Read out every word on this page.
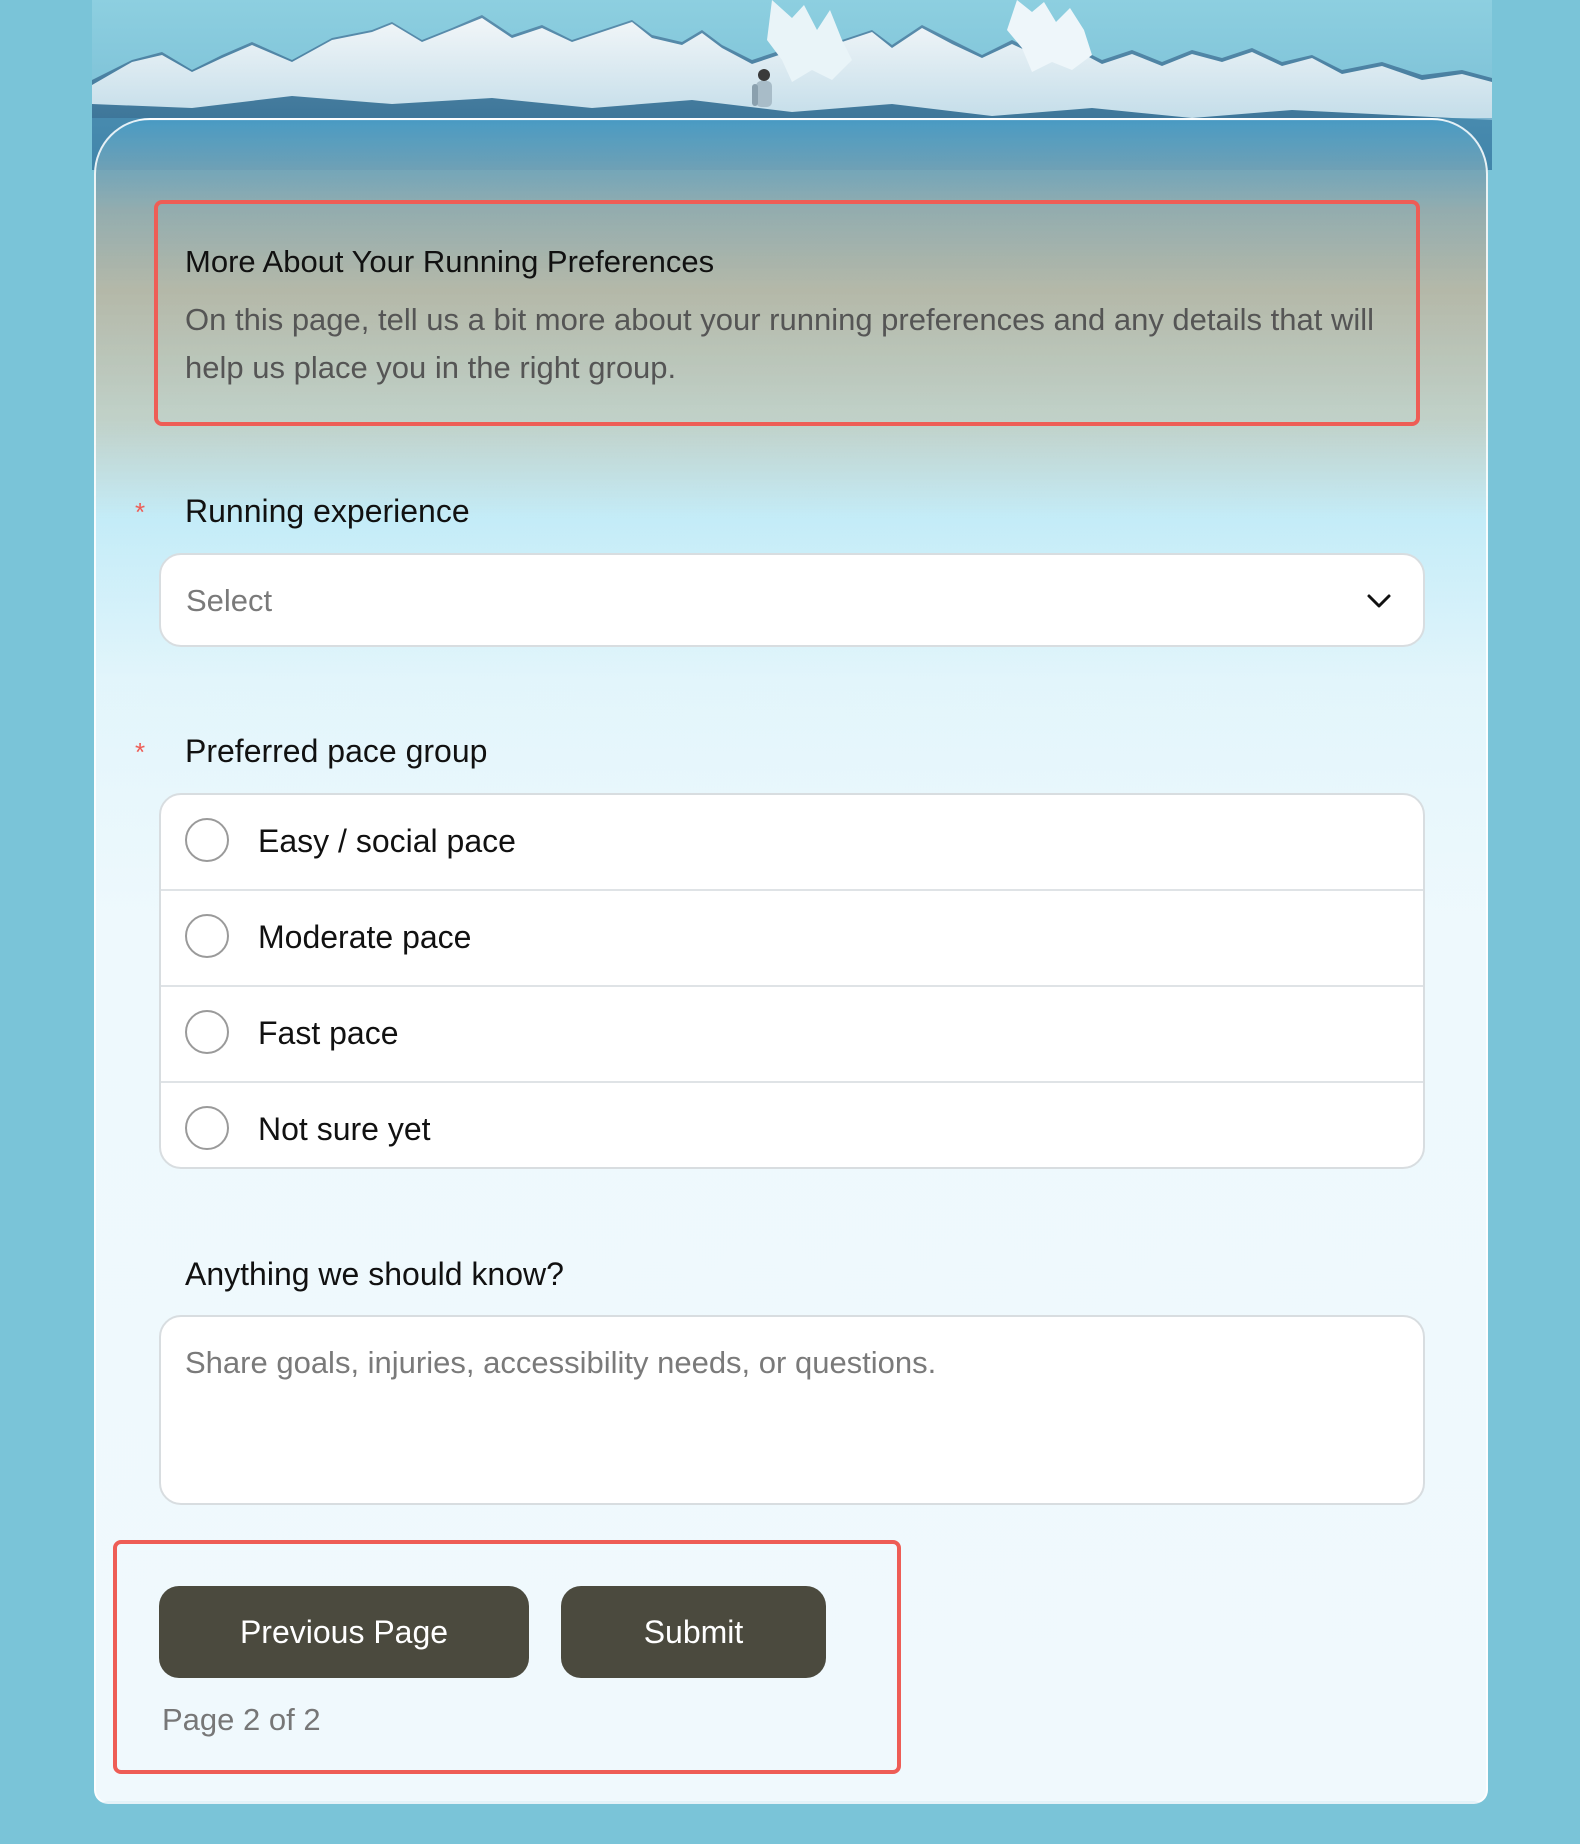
More About Your Running Preferences

On this page, tell us a bit more about your running preferences and any details that will help us place you in the right group.

* Running experience
Select
* Preferred pace group
Easy / social pace
Moderate pace
Fast pace
Not sure yet
Anything we should know?
Share goals, injuries, accessibility needs, or questions.
Previous Page	Submit
Page 2 of 2
